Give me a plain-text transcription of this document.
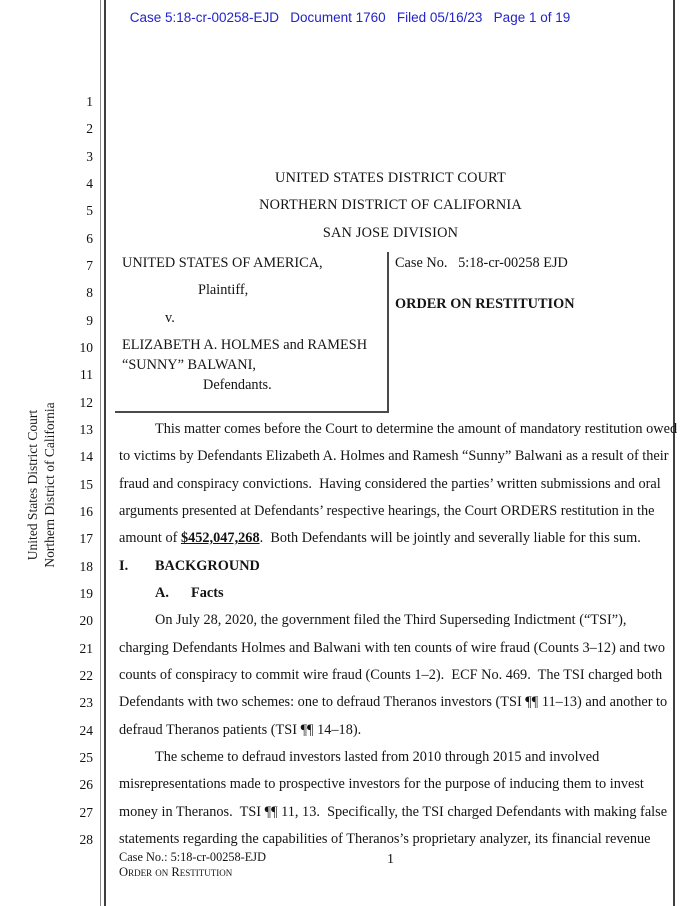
Case 5:18-cr-00258-EJD   Document 1760   Filed 05/16/23   Page 1 of 19
1
2
3
4
5
6
7
8
9
10
11
12
13
14
15
16
17
18
19
20
21
22
23
24
25
26
27
28
United States District Court Northern District of California
UNITED STATES DISTRICT COURT
NORTHERN DISTRICT OF CALIFORNIA
SAN JOSE DIVISION
UNITED STATES OF AMERICA,
Plaintiff,
v.
ELIZABETH A. HOLMES and RAMESH
“SUNNY” BALWANI,
Defendants.
Case No.   5:18-cr-00258 EJD
ORDER ON RESTITUTION
This matter comes before the Court to determine the amount of mandatory restitution owed
to victims by Defendants Elizabeth A. Holmes and Ramesh “Sunny” Balwani as a result of their
fraud and conspiracy convictions.  Having considered the parties’ written submissions and oral
arguments presented at Defendants’ respective hearings, the Court ORDERS restitution in the
amount of $452,047,268.  Both Defendants will be jointly and severally liable for this sum.
I. BACKGROUND
A. Facts
On July 28, 2020, the government filed the Third Superseding Indictment (“TSI”),
charging Defendants Holmes and Balwani with ten counts of wire fraud (Counts 3–12) and two
counts of conspiracy to commit wire fraud (Counts 1–2).  ECF No. 469.  The TSI charged both
Defendants with two schemes: one to defraud Theranos investors (TSI ¶¶ 11–13) and another to
defraud Theranos patients (TSI ¶¶ 14–18).
The scheme to defraud investors lasted from 2010 through 2015 and involved
misrepresentations made to prospective investors for the purpose of inducing them to invest
money in Theranos.  TSI ¶¶ 11, 13.  Specifically, the TSI charged Defendants with making false
statements regarding the capabilities of Theranos’s proprietary analyzer, its financial revenue
Case No.: 5:18-cr-00258-EJD
Order on Restitution
1
